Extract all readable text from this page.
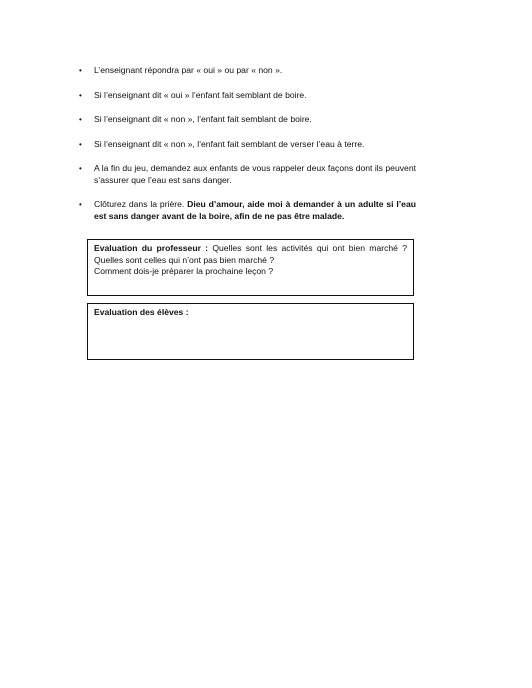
• L’enseignant répondra par « oui » ou par « non ».
• Si l’enseignant dit « oui » l’enfant fait semblant de boire.
• Si l’enseignant dit « non », l’enfant fait semblant de boire.
• Si l’enseignant dit « non », l’enfant fait semblant de verser l’eau à terre.
• A la fin du jeu, demandez aux enfants de vous rappeler deux façons dont ils peuvent s’assurer que l’eau est sans danger.
• Clôturez dans la prière. Dieu d’amour, aide moi à demander à un adulte si l’eau est sans danger avant de la boire, afin de ne pas être malade.
Evaluation du professeur : Quelles sont les activités qui ont bien marché ? Quelles sont celles qui n’ont pas bien marché ?
Comment dois-je préparer la prochaine leçon ?
Evaluation des élèves :
